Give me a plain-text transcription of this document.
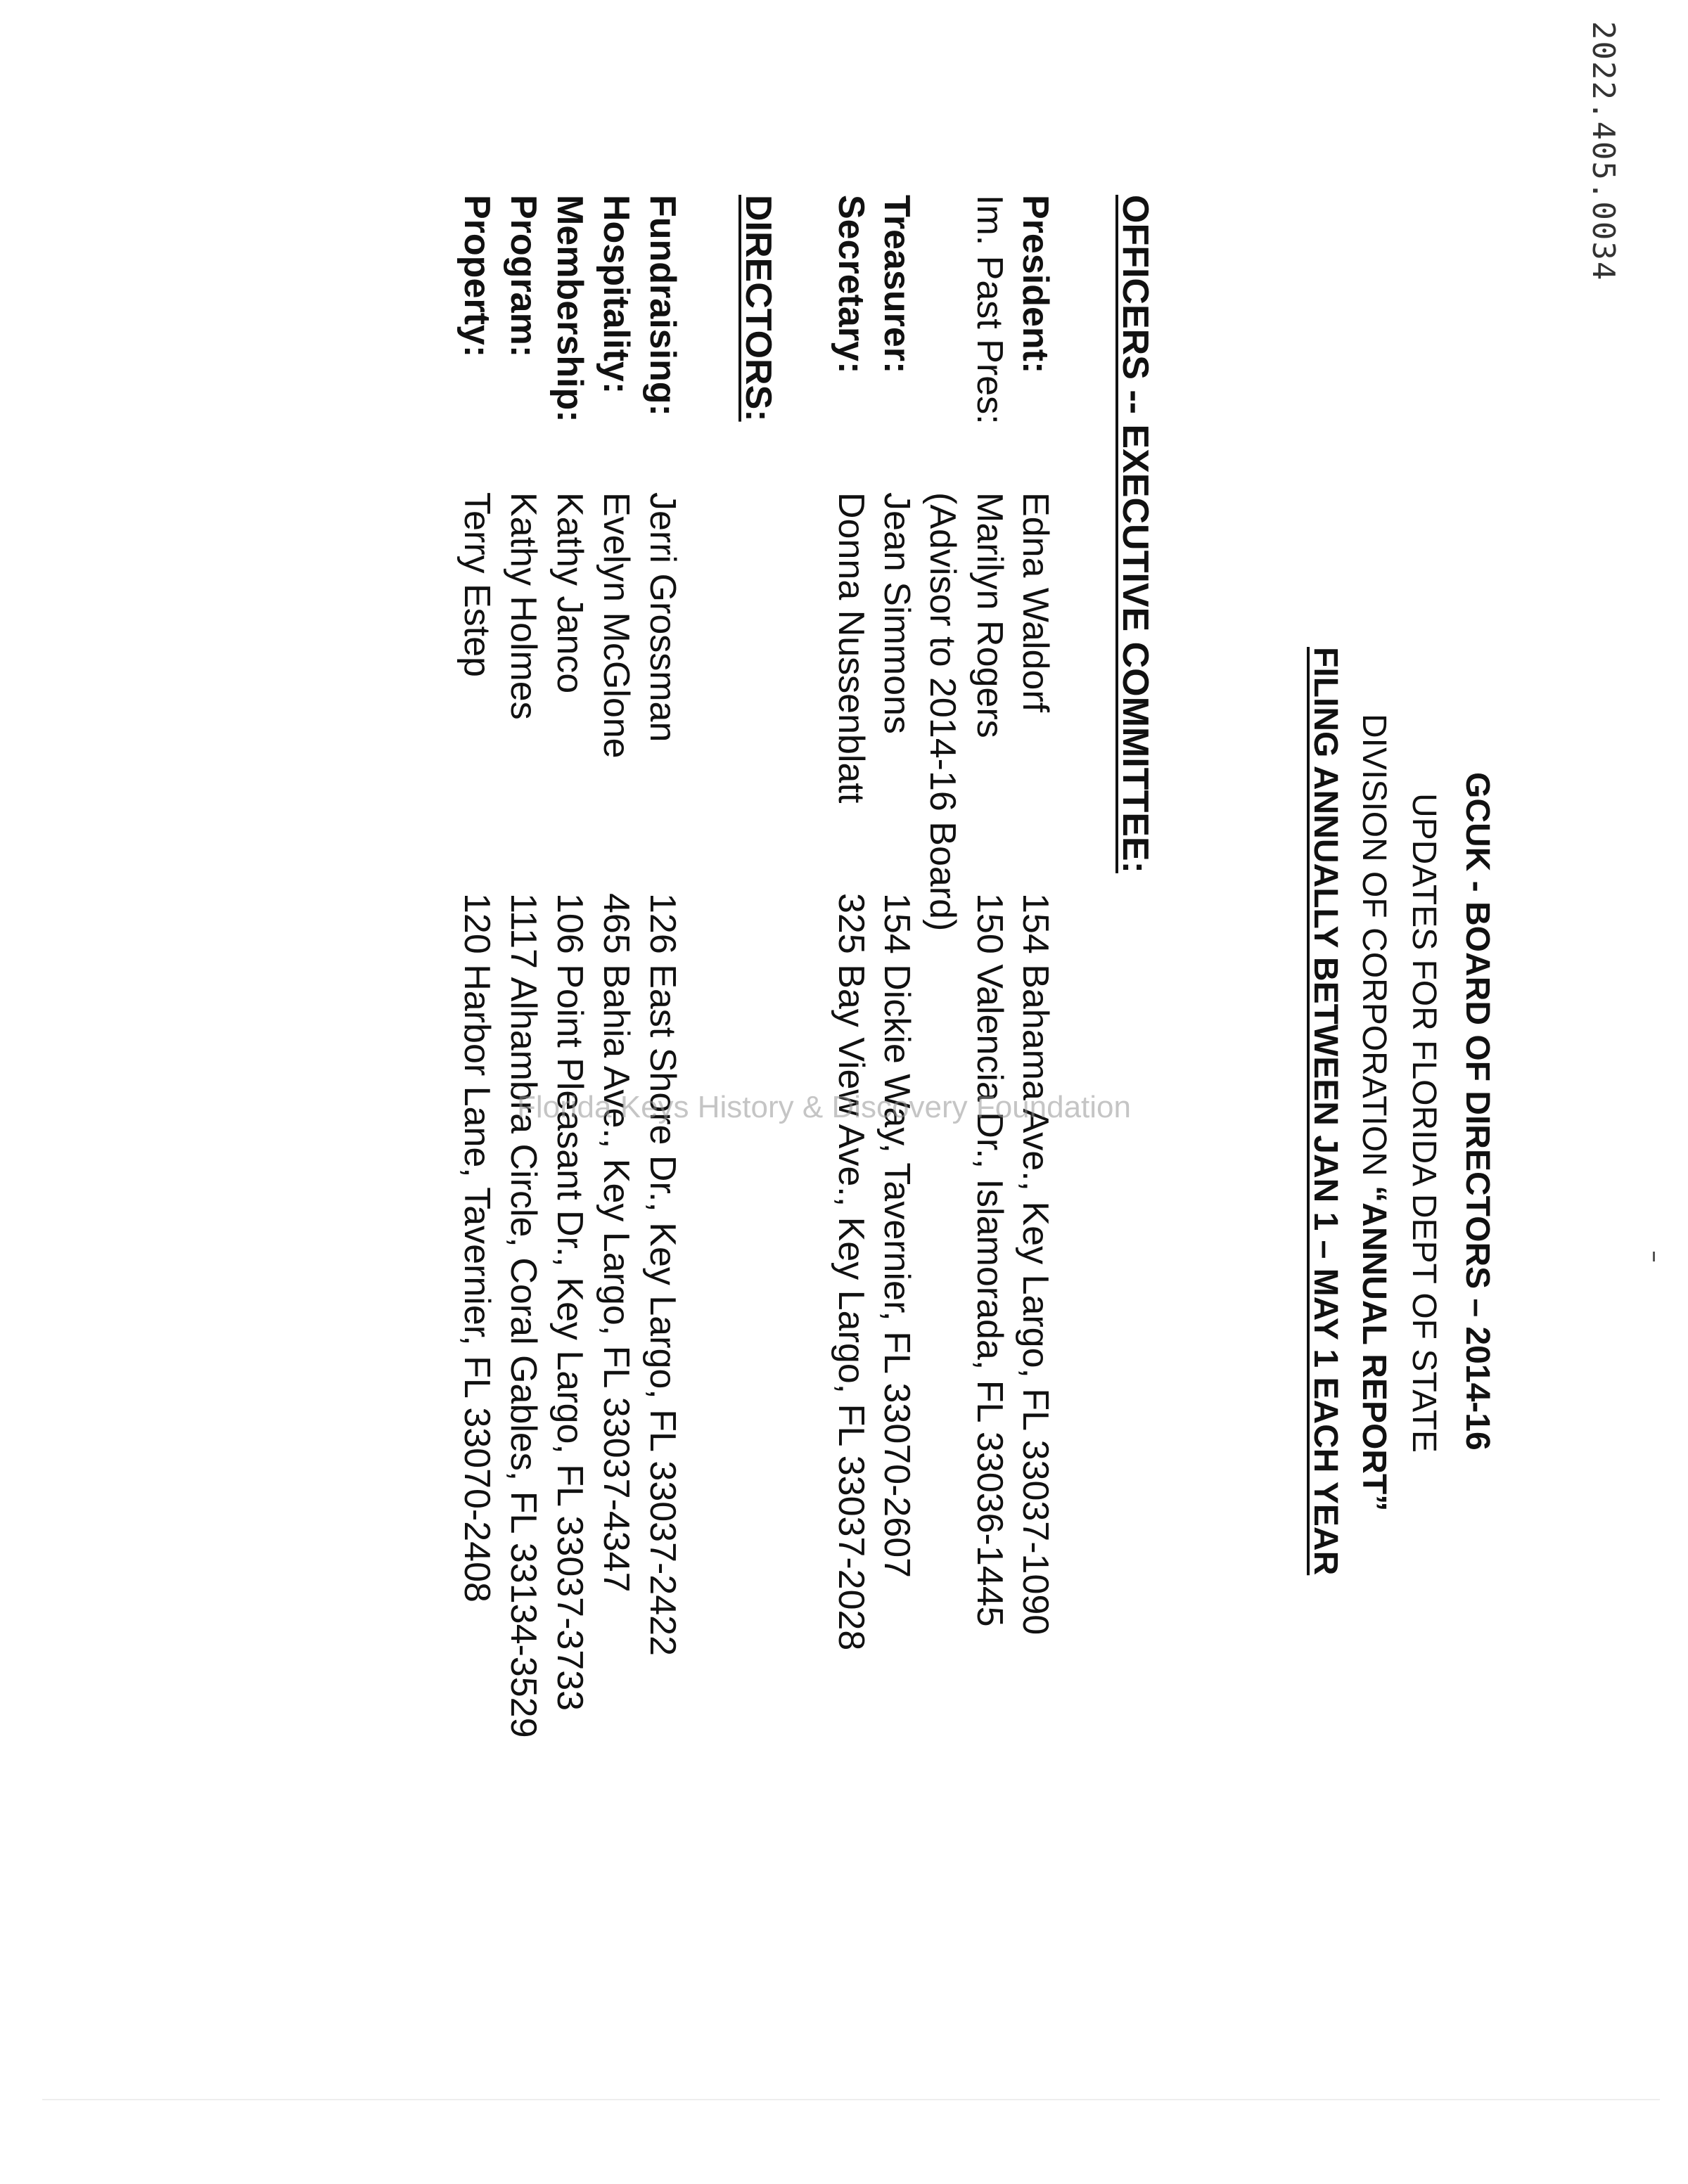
2022.405.0034
GCUK - BOARD OF DIRECTORS – 2014-16
UPDATES FOR FLORIDA DEPT OF STATE
DIVISION OF CORPORATION “ANNUAL REPORT”
FILING ANNUALLY BETWEEN JAN 1 – MAY 1 EACH YEAR
OFFICERS -- EXECUTIVE COMMITTEE:
President:
Edna Waldorf
154 Bahama Ave., Key Largo, FL 33037-1090
Im. Past Pres:
Marilyn Rogers
150 Valencia Dr., Islamorada, FL 33036-1445
(Advisor to 2014-16 Board)
Treasurer:
Jean Simmons
154 Dickie Way, Tavernier, FL 33070-2607
Secretary:
Donna Nussenblatt
325 Bay View Ave., Key Largo, FL 33037-2028
DIRECTORS:
Fundraising:
Jerri Grossman
126 East Shore Dr., Key Largo, FL 33037-2422
Hospitality:
Evelyn McGlone
465 Bahia Ave., Key Largo, FL 33037-4347
Membership:
Kathy Janco
106 Point Pleasant Dr., Key Largo, FL 33037-3733
Program:
Kathy Holmes
1117 Alhambra Circle, Coral Gables, FL 33134-3529
Property:
Terry Estep
120 Harbor Lane, Tavernier, FL 33070-2408 Florida Keys History & Discovery Foundation
